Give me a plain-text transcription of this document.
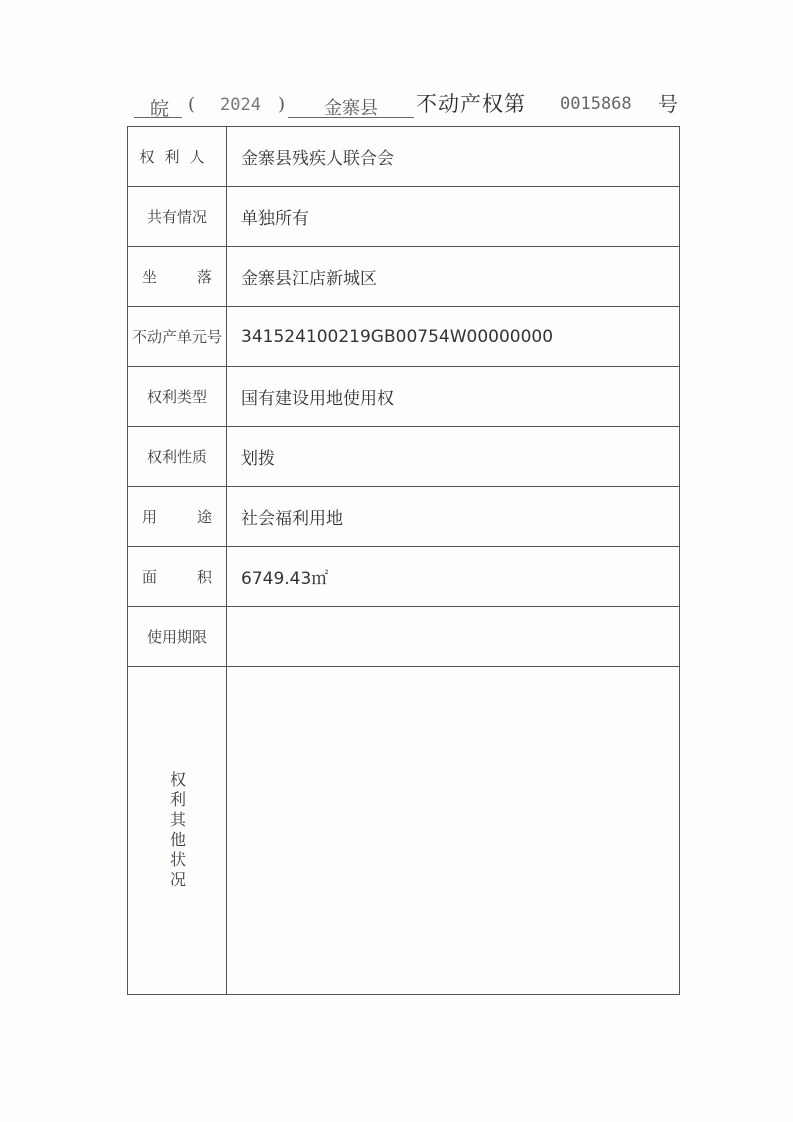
皖 ( 2024 ) 金寨县 不动产权第 0015868 号
权利人	金寨县残疾人联合会
共有情况	单独所有

坐 落	金寨县江店新城区
不动产单元号	341524100219GB00754W00000000
权利类型	国有建设用地使用权
权利性质	划拨

用 途	社会福利用地

面 积	6749.43㎡
使用期限	

权利其他状况	
